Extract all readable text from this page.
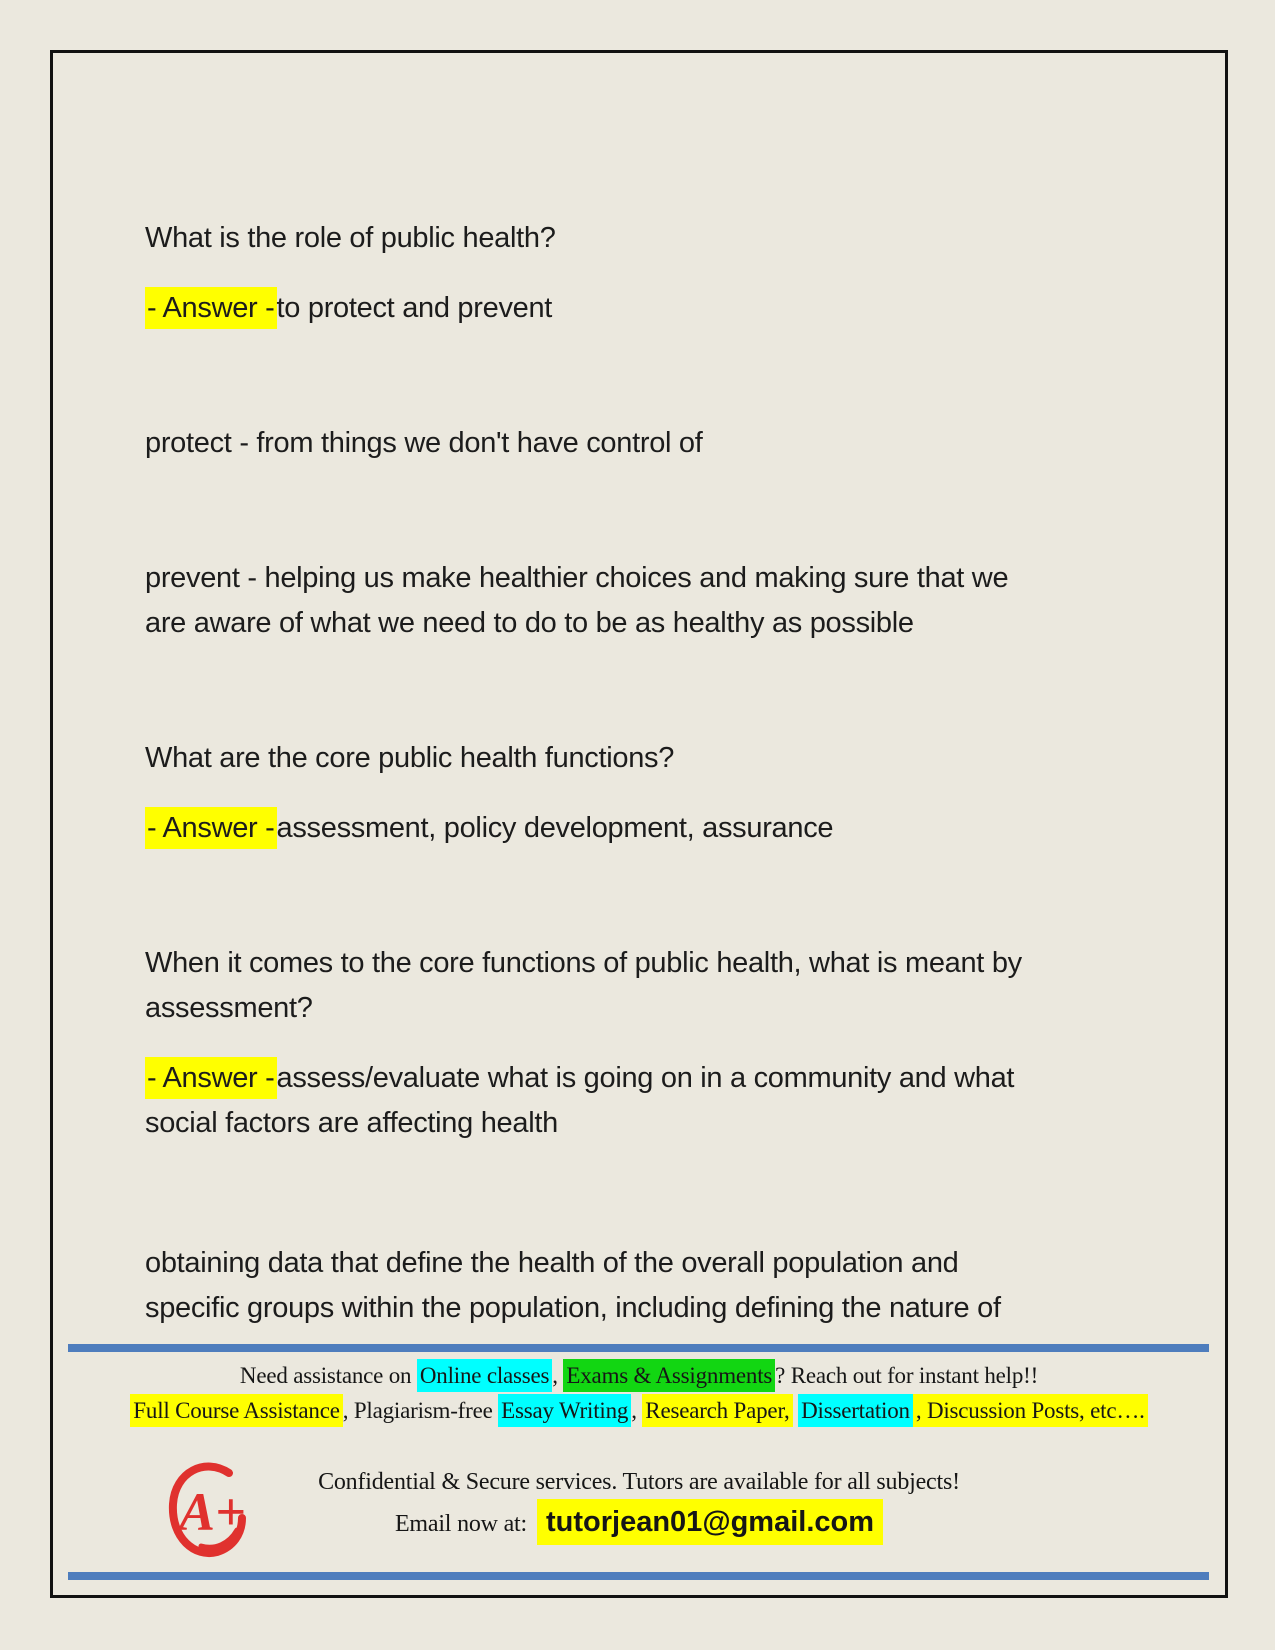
What is the role of public health?
- Answer -to protect and prevent
protect - from things we don't have control of
prevent - helping us make healthier choices and making sure that we
are aware of what we need to do to be as healthy as possible
What are the core public health functions?
- Answer -assessment, policy development, assurance
When it comes to the core functions of public health, what is meant by
assessment?
- Answer -assess/evaluate what is going on in a community and what
social factors are affecting health
obtaining data that define the health of the overall population and
specific groups within the population, including defining the nature of
Need assistance on Online classes , Exams & Assignments ? Reach out for instant help!!
Full Course Assistance , Plagiarism-free Essay Writing , Research Paper, Dissertation , Discussion Posts, etc….
A+	Confidential & Secure services. Tutors are available for all subjects!
Email now at: tutorjean01@gmail.com
